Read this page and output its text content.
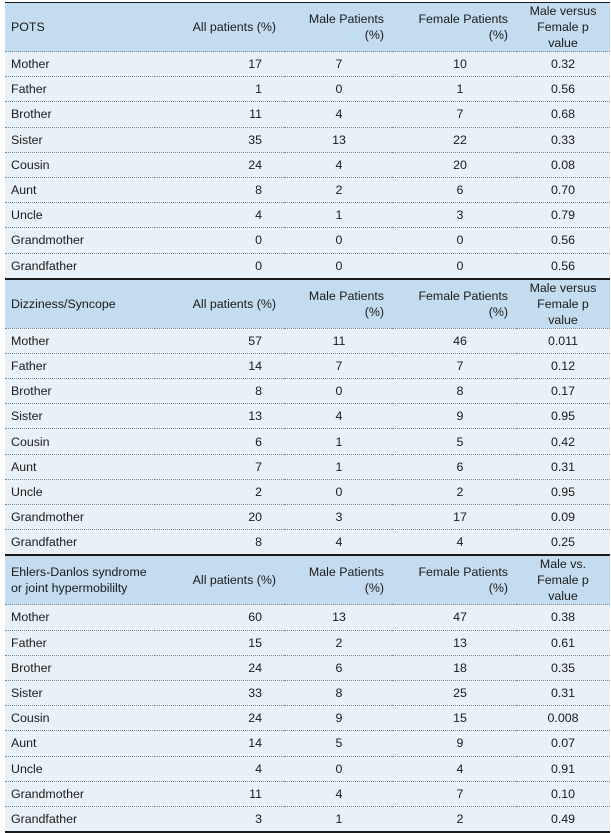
POTS	All patients (%)	Male Patients (%)	Female Patients (%)	Male versus Female p value
Mother	17	7	10	0.32
Father	1	0	1	0.56
Brother	11	4	7	0.68
Sister	35	13	22	0.33
Cousin	24	4	20	0.08
Aunt	8	2	6	0.70
Uncle	4	1	3	0.79
Grandmother	0	0	0	0.56
Grandfather	0	0	0	0.56
Dizziness/Syncope	All patients (%)	Male Patients (%)	Female Patients (%)	Male versus Female p value
Mother	57	11	46	0.011
Father	14	7	7	0.12
Brother	8	0	8	0.17
Sister	13	4	9	0.95
Cousin	6	1	5	0.42
Aunt	7	1	6	0.31
Uncle	2	0	2	0.95
Grandmother	20	3	17	0.09
Grandfather	8	4	4	0.25
Ehlers-Danlos syndrome or joint hypermobililty	All patients (%)	Male Patients (%)	Female Patients (%)	Male vs. Female p value
Mother	60	13	47	0.38
Father	15	2	13	0.61
Brother	24	6	18	0.35
Sister	33	8	25	0.31
Cousin	24	9	15	0.008
Aunt	14	5	9	0.07
Uncle	4	0	4	0.91
Grandmother	11	4	7	0.10
Grandfather	3	1	2	0.49
